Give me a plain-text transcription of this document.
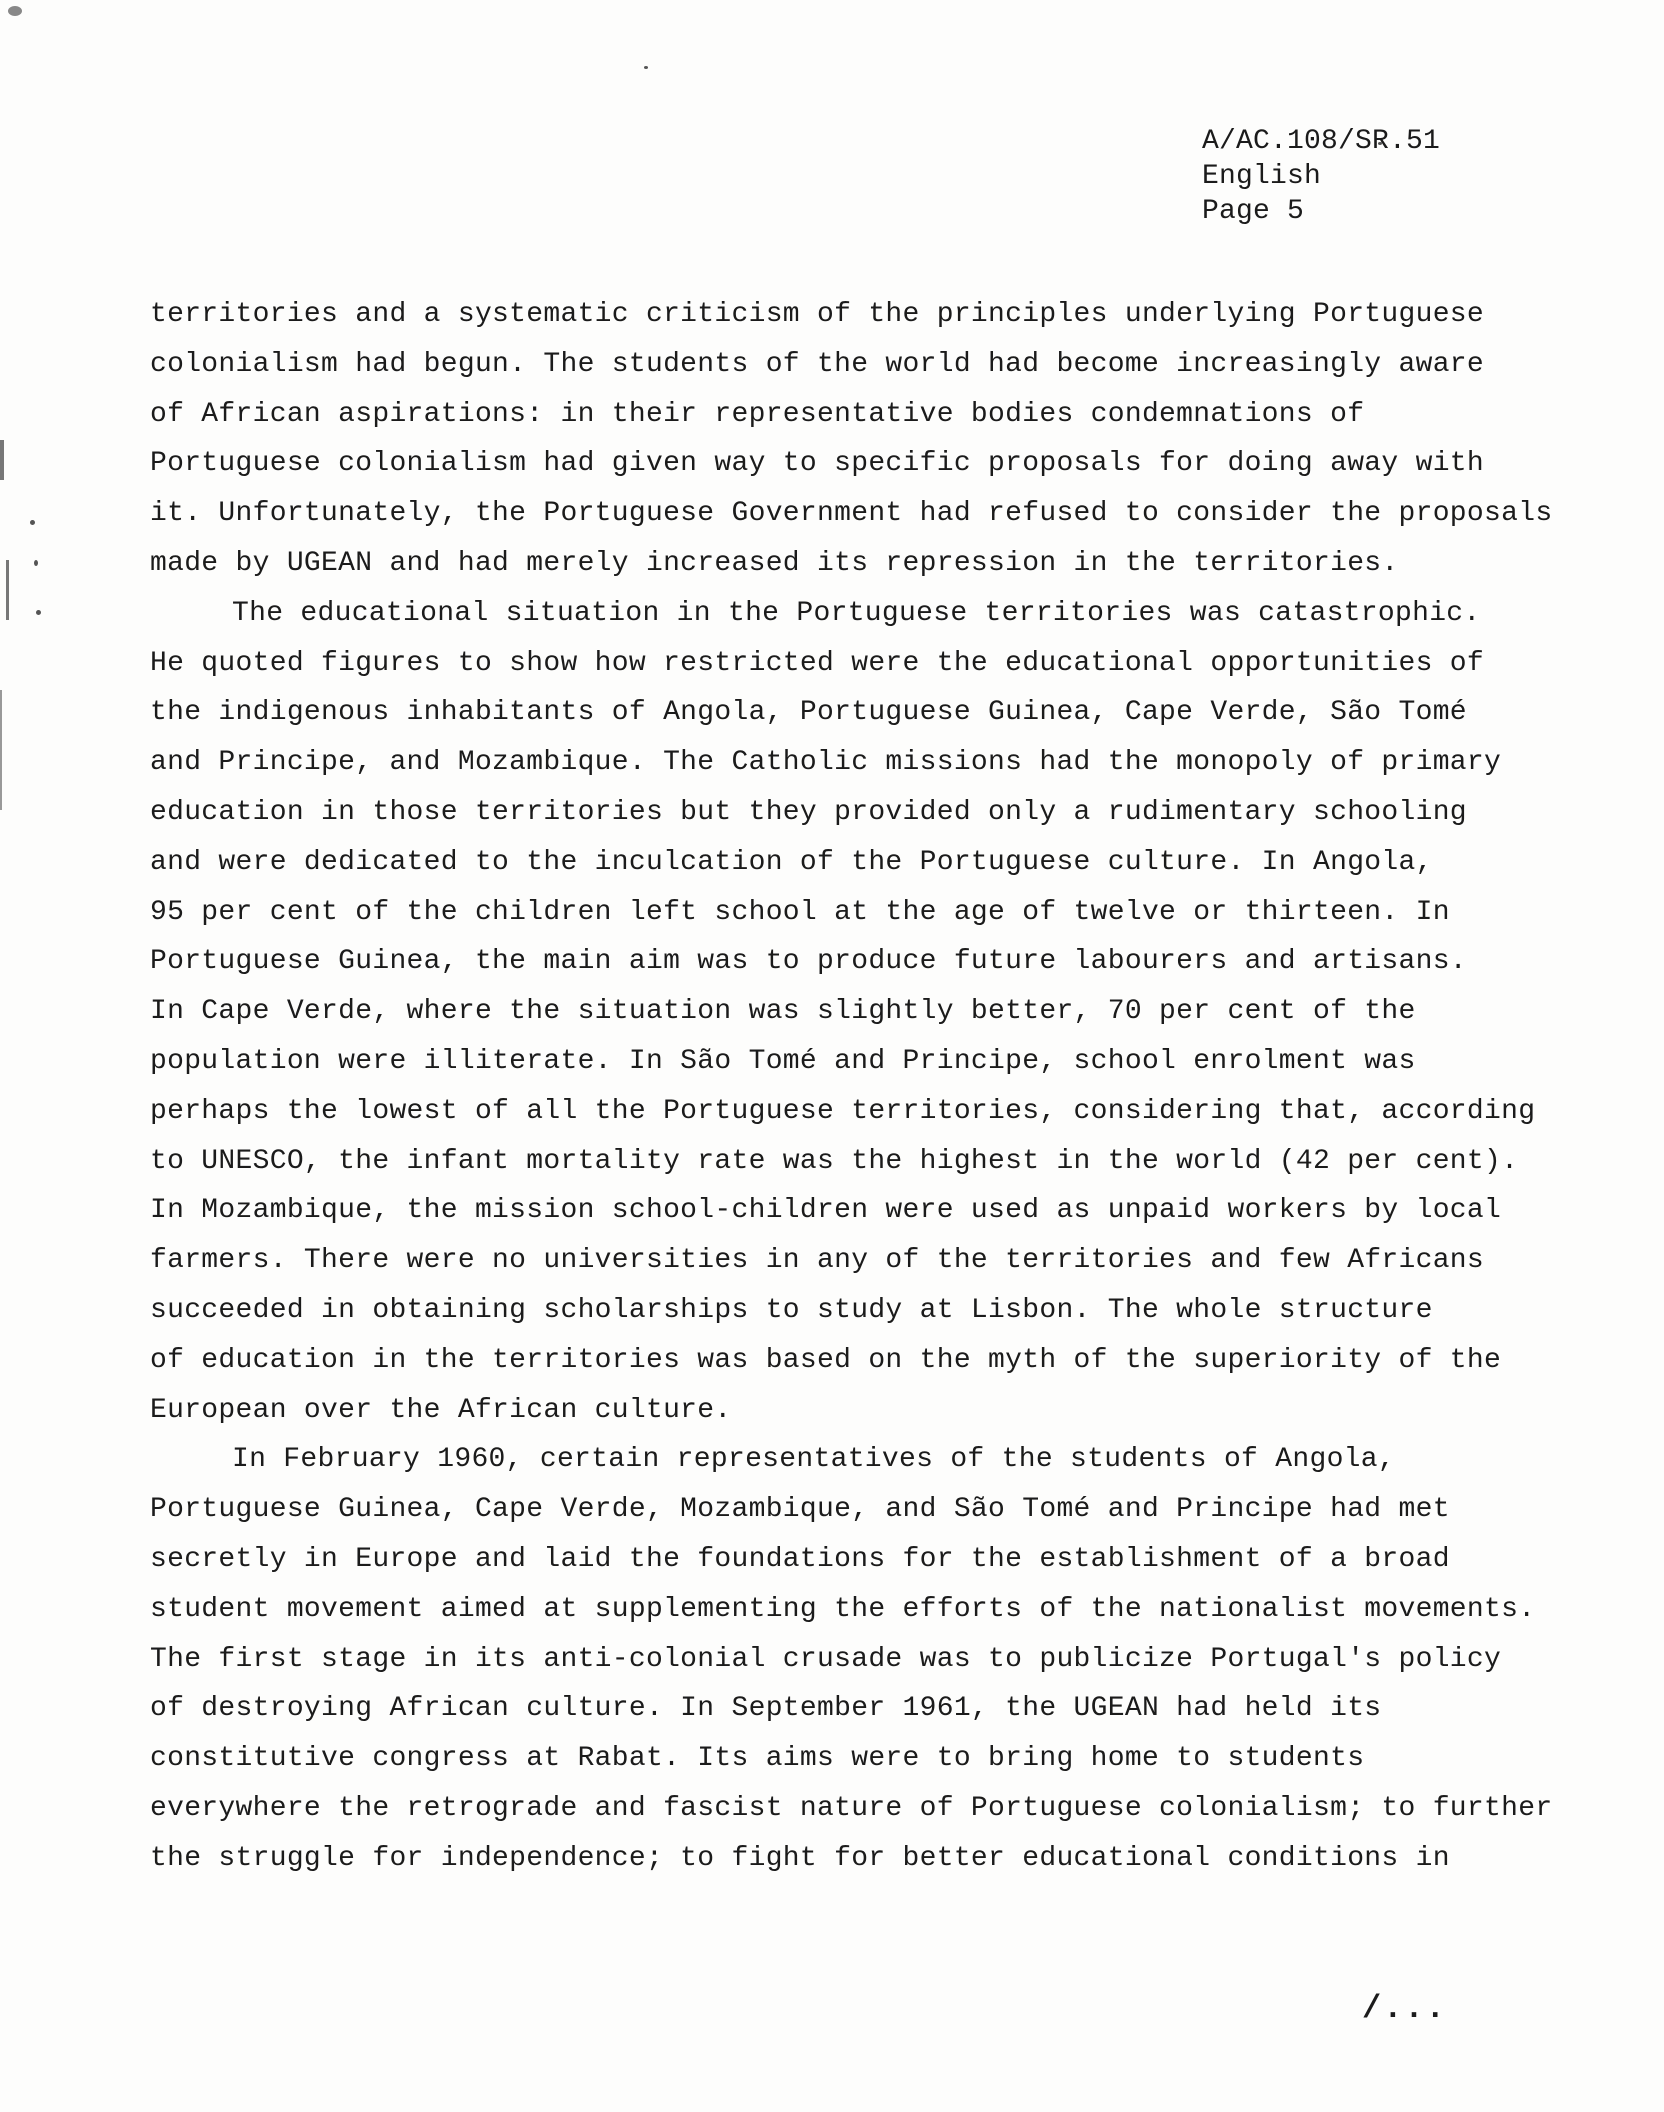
A/AC.108/SR.51
English
Page 5
territories and a systematic criticism of the principles underlying Portuguese
colonialism had begun. The students of the world had become increasingly aware
of African aspirations: in their representative bodies condemnations of
Portuguese colonialism had given way to specific proposals for doing away with
it. Unfortunately, the Portuguese Government had refused to consider the proposals
made by UGEAN and had merely increased its repression in the territories.
The educational situation in the Portuguese territories was catastrophic.
He quoted figures to show how restricted were the educational opportunities of
the indigenous inhabitants of Angola, Portuguese Guinea, Cape Verde, São Tomé
and Principe, and Mozambique. The Catholic missions had the monopoly of primary
education in those territories but they provided only a rudimentary schooling
and were dedicated to the inculcation of the Portuguese culture. In Angola,
95 per cent of the children left school at the age of twelve or thirteen. In
Portuguese Guinea, the main aim was to produce future labourers and artisans.
In Cape Verde, where the situation was slightly better, 70 per cent of the
population were illiterate. In São Tomé and Principe, school enrolment was
perhaps the lowest of all the Portuguese territories, considering that, according
to UNESCO, the infant mortality rate was the highest in the world (42 per cent).
In Mozambique, the mission school-children were used as unpaid workers by local
farmers. There were no universities in any of the territories and few Africans
succeeded in obtaining scholarships to study at Lisbon. The whole structure
of education in the territories was based on the myth of the superiority of the
European over the African culture.
In February 1960, certain representatives of the students of Angola,
Portuguese Guinea, Cape Verde, Mozambique, and São Tomé and Principe had met
secretly in Europe and laid the foundations for the establishment of a broad
student movement aimed at supplementing the efforts of the nationalist movements.
The first stage in its anti-colonial crusade was to publicize Portugal's policy
of destroying African culture. In September 1961, the UGEAN had held its
constitutive congress at Rabat. Its aims were to bring home to students
everywhere the retrograde and fascist nature of Portuguese colonialism; to further
the struggle for independence; to fight for better educational conditions in
/...
